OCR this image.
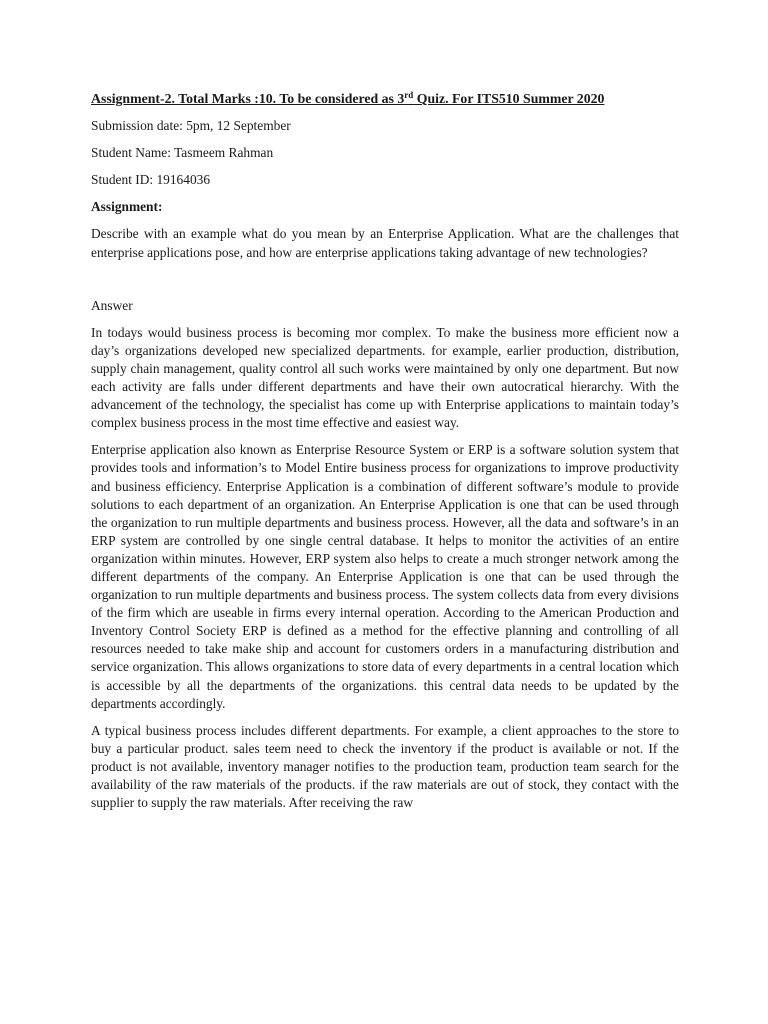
Assignment-2. Total Marks :10. To be considered as 3rd Quiz. For ITS510 Summer 2020

Submission date: 5pm, 12 September

Student Name: Tasmeem Rahman

Student ID: 19164036

Assignment:

Describe with an example what do you mean by an Enterprise Application. What are the challenges that enterprise applications pose, and how are enterprise applications taking advantage of new technologies?

Answer

In todays would business process is becoming mor complex. To make the business more efficient now a day’s organizations developed new specialized departments. for example, earlier production, distribution, supply chain management, quality control all such works were maintained by only one department. But now each activity are falls under different departments and have their own autocratical hierarchy. With the advancement of the technology, the specialist has come up with Enterprise applications to maintain today’s complex business process in the most time effective and easiest way.

Enterprise application also known as Enterprise Resource System or ERP is a software solution system that provides tools and information’s to Model Entire business process for organizations to improve productivity and business efficiency. Enterprise Application is a combination of different software’s module to provide solutions to each department of an organization. An Enterprise Application is one that can be used through the organization to run multiple departments and business process. However, all the data and software’s in an ERP system are controlled by one single central database. It helps to monitor the activities of an entire organization within minutes. However, ERP system also helps to create a much stronger network among the different departments of the company. An Enterprise Application is one that can be used through the organization to run multiple departments and business process. The system collects data from every divisions of the firm which are useable in firms every internal operation. According to the American Production and Inventory Control Society ERP is defined as a method for the effective planning and controlling of all resources needed to take make ship and account for customers orders in a manufacturing distribution and service organization. This allows organizations to store data of every departments in a central location which is accessible by all the departments of the organizations. this central data needs to be updated by the departments accordingly.

A typical business process includes different departments. For example, a client approaches to the store to buy a particular product. sales teem need to check the inventory if the product is available or not. If the product is not available, inventory manager notifies to the production team, production team search for the availability of the raw materials of the products. if the raw materials are out of stock, they contact with the supplier to supply the raw materials. After receiving the raw
